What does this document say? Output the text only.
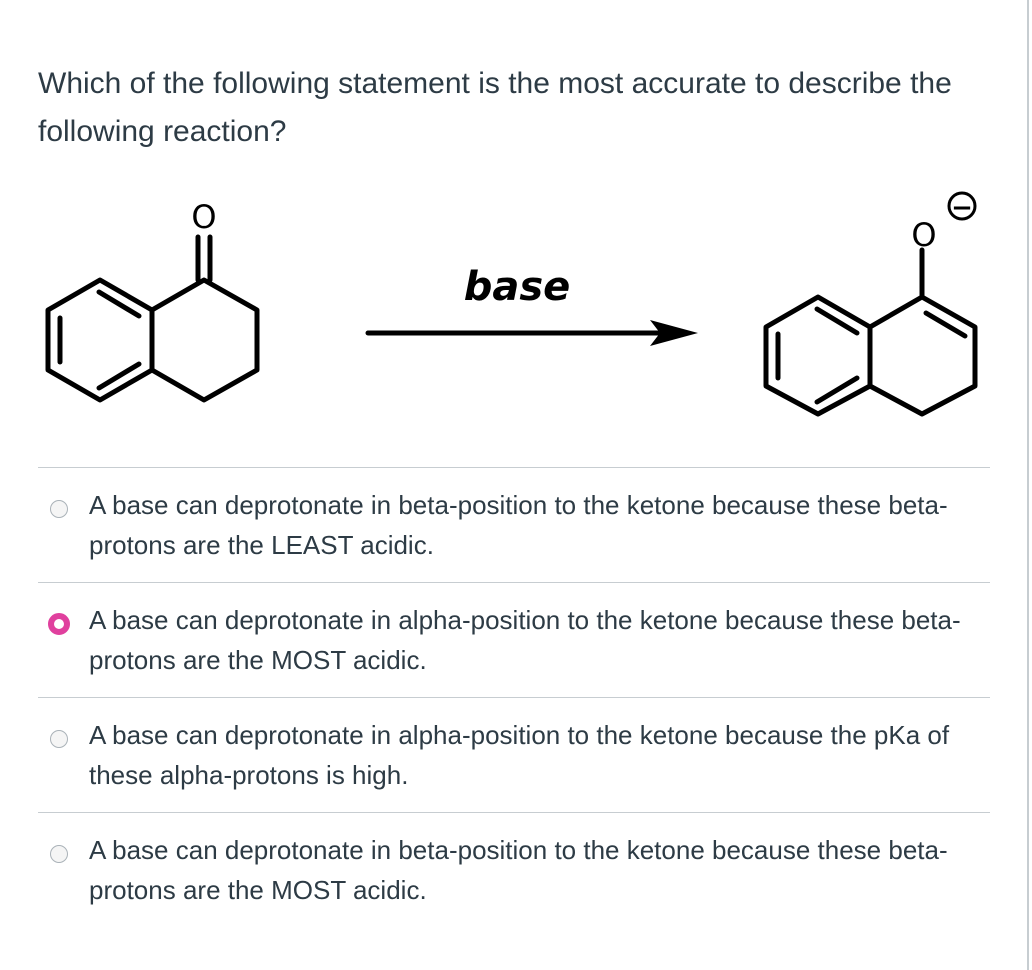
Which of the following statement is the most accurate to describe the following reaction?
O
base
O
−
A base can deprotonate in beta-position to the ketone because these beta-protons are the LEAST acidic.
A base can deprotonate in alpha-position to the ketone because these beta-protons are the MOST acidic.
A base can deprotonate in alpha-position to the ketone because the pKa of these alpha-protons is high.
A base can deprotonate in beta-position to the ketone because these beta-protons are the MOST acidic.
